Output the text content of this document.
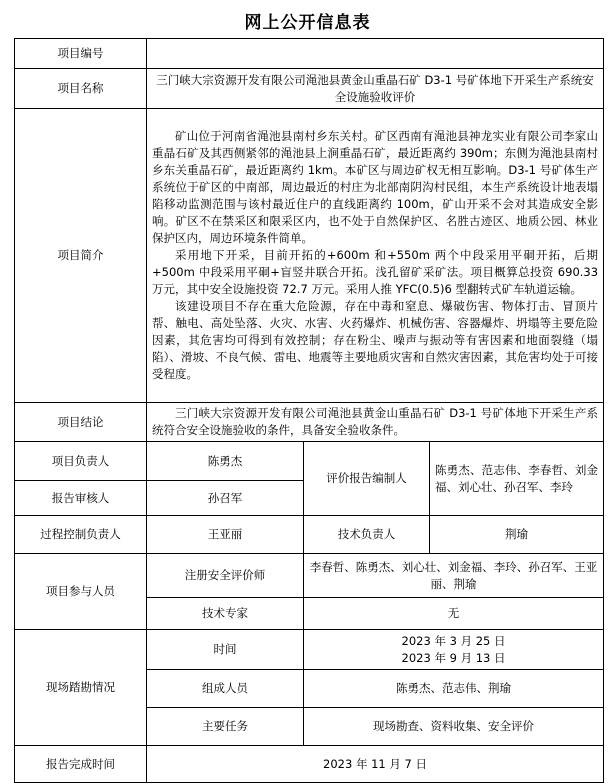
网上公开信息表
项目编号			
项目名称	三门峡大宗资源开发有限公司渑池县黄金山重晶石矿 D3-1 号矿体地下开采生产系统安全设施验收评价		
项目简介	矿山位于河南省渑池县南村乡东关村。矿区西南有渑池县神龙实业有限公司李家山重晶石矿及其西侧紧邻的渑池县上涧重晶石矿，最近距离约 390m；东侧为渑池县南村乡东关重晶石矿，最近距离约 1km。本矿区与周边矿权无相互影响。D3-1 号矿体生产系统位于矿区的中南部，周边最近的村庄为北部南阴沟村民组，本生产系统设计地表塌陷移动监测范围与该村最近住户的直线距离约 100m，矿山开采不会对其造成安全影响。矿区不在禁采区和限采区内，也不处于自然保护区、名胜古迹区、地质公园、林业保护区内，周边环境条件简单。

采用地下开采，目前开拓的+600m 和+550m 两个中段采用平硐开拓，后期+500m 中段采用平硐+盲竖井联合开拓。浅孔留矿采矿法。项目概算总投资 690.33 万元，其中安全设施投资 72.7 万元。采用人推 YFC(0.5)6 型翻转式矿车轨道运输。

该建设项目不存在重大危险源，存在中毒和窒息、爆破伤害、物体打击、冒顶片帮、触电、高处坠落、火灾、水害、火药爆炸、机械伤害、容器爆炸、坍塌等主要危险因素，其危害均可得到有效控制；存在粉尘、噪声与振动等有害因素和地面裂缝（塌陷）、滑坡、不良气候、雷电、地震等主要地质灾害和自然灾害因素，其危害均处于可接受程度。		

项目结论	三门峡大宗资源开发有限公司渑池县黄金山重晶石矿 D3-1 号矿体地下开采生产系统符合安全设施验收的条件，具备安全验收条件。		

项目负责人	陈勇杰	评价报告编制人	陈勇杰、范志伟、李春哲、刘金福、刘心壮、孙召军、李玲
报告审核人	孙召军		
过程控制负责人	王亚丽	技术负责人	荆瑜
项目参与人员	注册安全评价师	李春哲、陈勇杰、刘心壮、刘金福、李玲、孙召军、王亚丽、荆瑜	
	技术专家	无	
现场踏勘情况	时间	2023 年 3 月 25 日
2023 年 9 月 13 日	

	组成人员	陈勇杰、范志伟、荆瑜	
	主要任务	现场勘查、资料收集、安全评价	
报告完成时间	2023 年 11 月 7 日		
